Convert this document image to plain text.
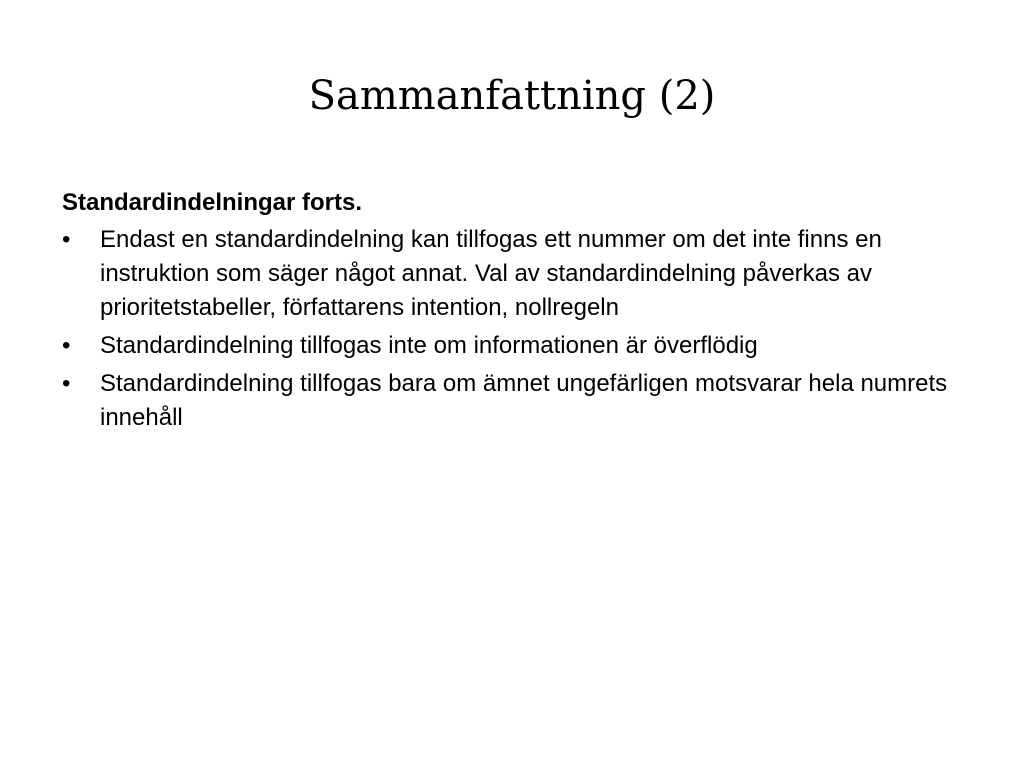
Sammanfattning (2)
Standardindelningar forts.
• Endast en standardindelning kan tillfogas ett nummer om det inte finns en instruktion som säger något annat. Val av standardindelning påverkas av prioritetstabeller, författarens intention, nollregeln
• Standardindelning tillfogas inte om informationen är överflödig
• Standardindelning tillfogas bara om ämnet ungefärligen motsvarar hela numrets innehåll
